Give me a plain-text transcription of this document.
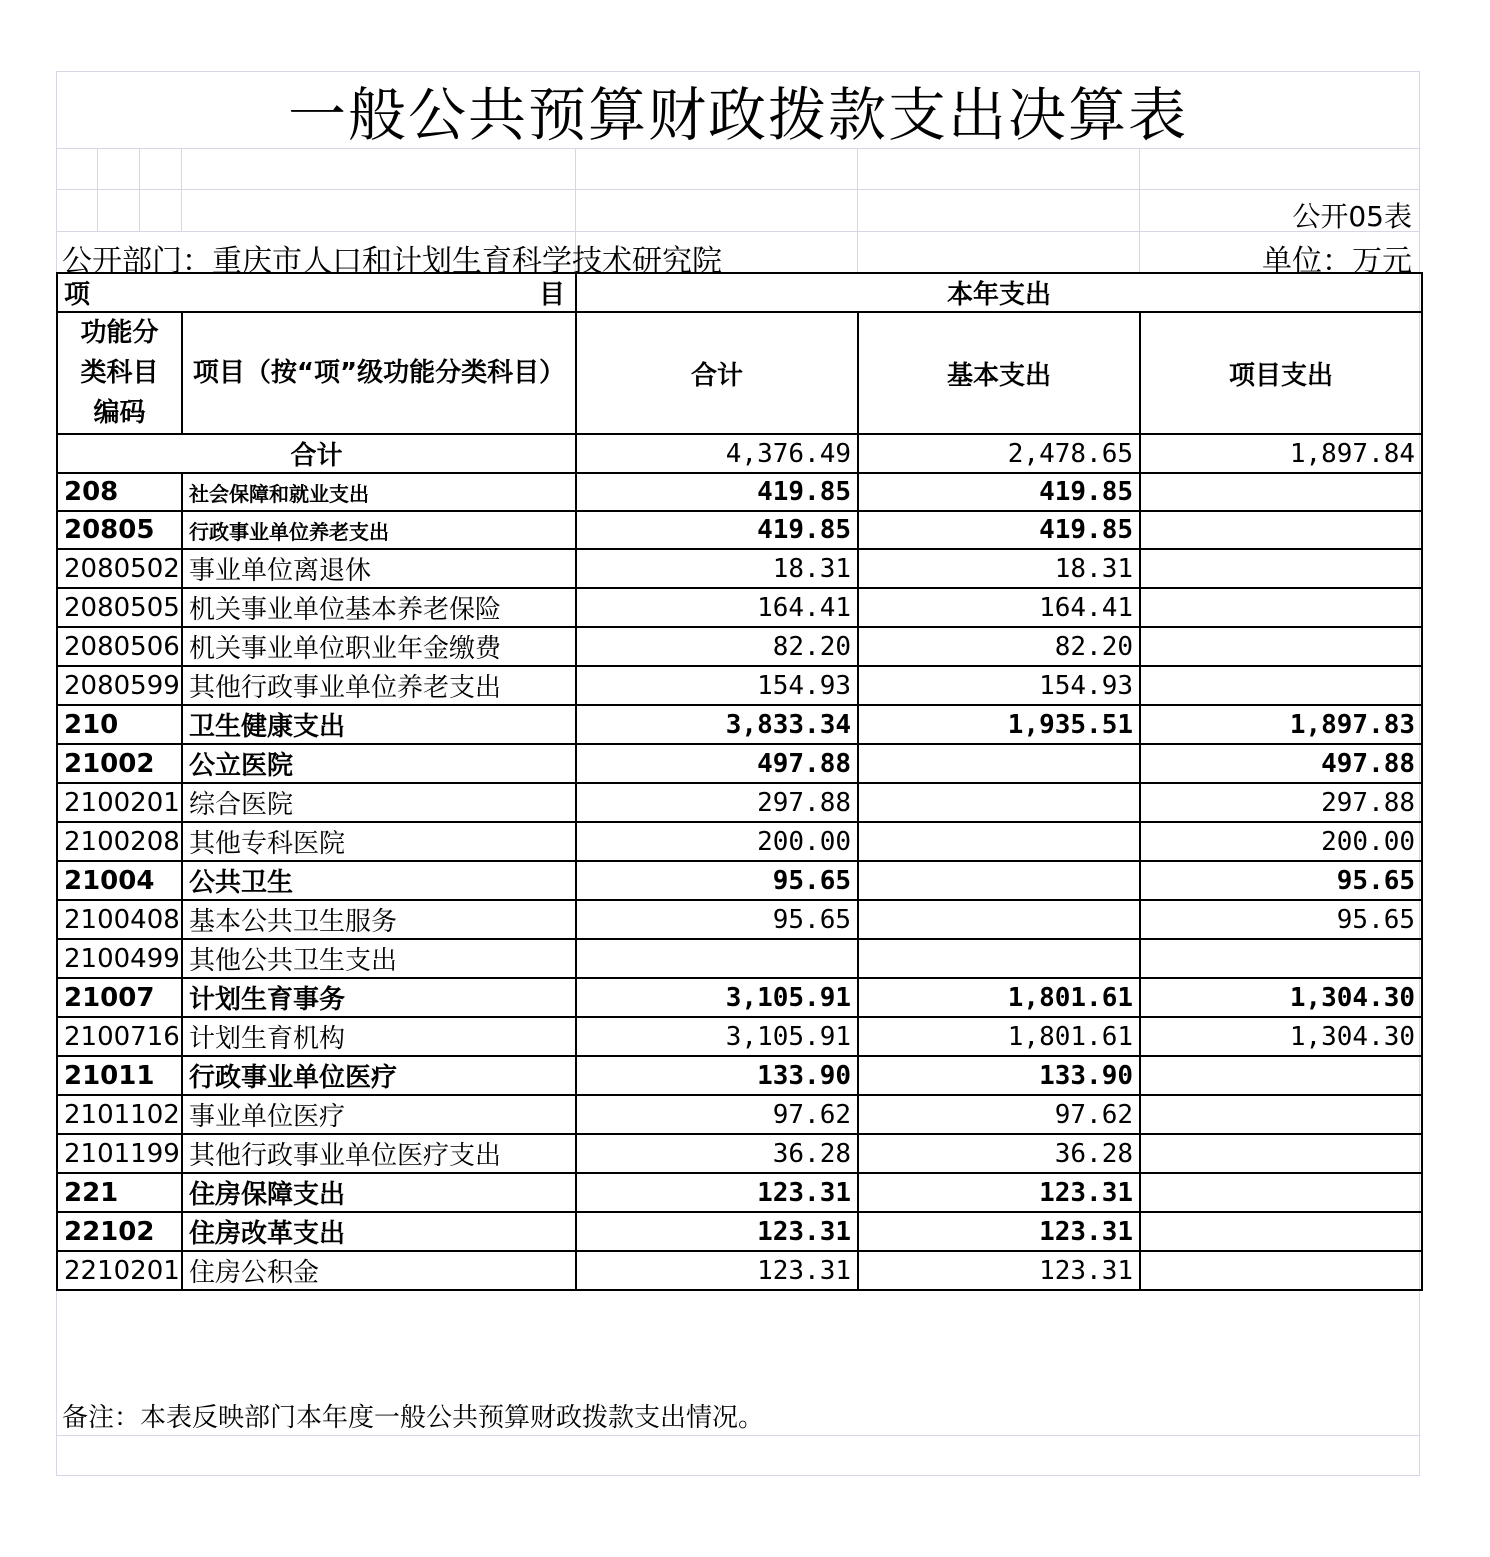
一般公共预算财政拨款支出决算表
公开05表
公开部门：重庆市人口和计划生育科学技术研究院	单位：万元
项 目		本年支出		
功能分类科目编码	项目（按“项”级功能分类科目）	合计	基本支出	项目支出
合计		4,376.49	2,478.65	1,897.84
208	社会保障和就业支出	419.85	419.85	
20805	行政事业单位养老支出	419.85	419.85	
2080502	事业单位离退休	18.31	18.31	
2080505	机关事业单位基本养老保险	164.41	164.41	
2080506	机关事业单位职业年金缴费	82.20	82.20	
2080599	其他行政事业单位养老支出	154.93	154.93	
210	卫生健康支出	3,833.34	1,935.51	1,897.83
21002	公立医院	497.88		497.88
2100201	综合医院	297.88		297.88
2100208	其他专科医院	200.00		200.00
21004	公共卫生	95.65		95.65
2100408	基本公共卫生服务	95.65		95.65
2100499	其他公共卫生支出			
21007	计划生育事务	3,105.91	1,801.61	1,304.30
2100716	计划生育机构	3,105.91	1,801.61	1,304.30
21011	行政事业单位医疗	133.90	133.90	
2101102	事业单位医疗	97.62	97.62	
2101199	其他行政事业单位医疗支出	36.28	36.28	
221	住房保障支出	123.31	123.31	
22102	住房改革支出	123.31	123.31	
2210201	住房公积金	123.31	123.31	
备注：本表反映部门本年度一般公共预算财政拨款支出情况。
